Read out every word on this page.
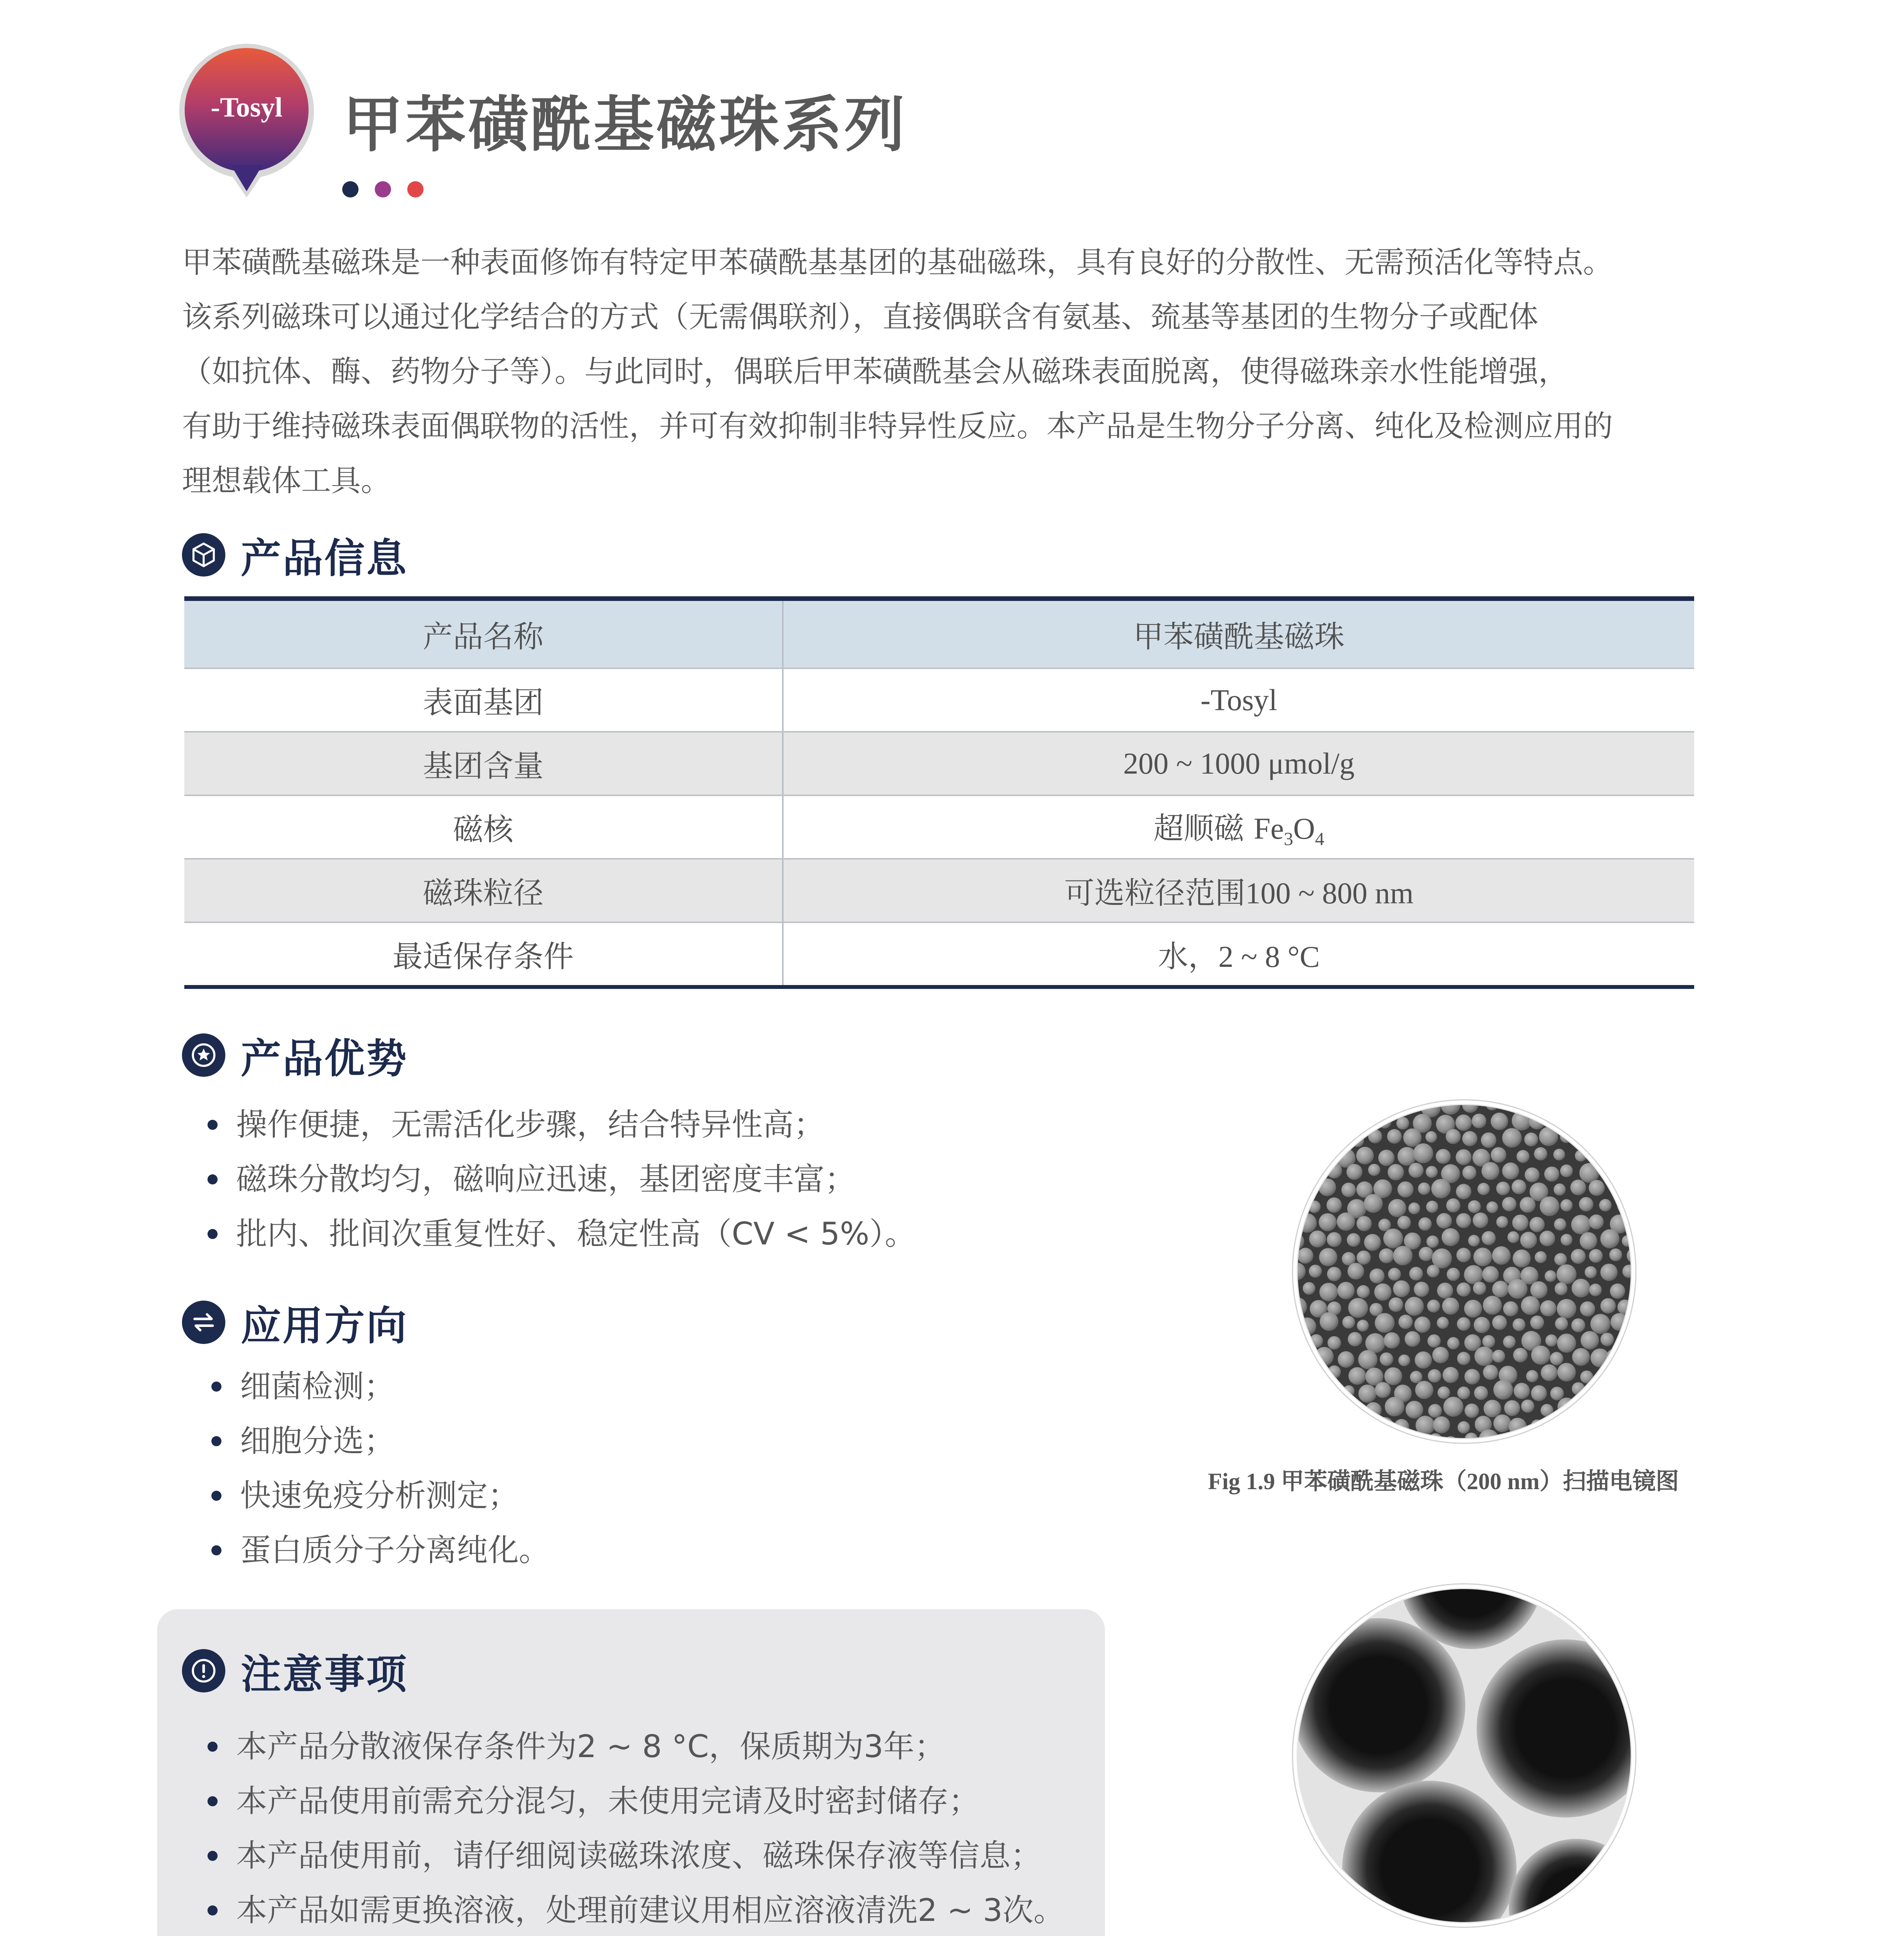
-Tosyl 甲苯磺酰基磁珠系列
甲苯磺酰基磁珠是一种表面修饰有特定甲苯磺酰基基团的基础磁珠，具有良好的分散性、无需预活化等特点。
该系列磁珠可以通过化学结合的方式（无需偶联剂），直接偶联含有氨基、巯基等基团的生物分子或配体
（如抗体、酶、药物分子等）。与此同时，偶联后甲苯磺酰基会从磁珠表面脱离，使得磁珠亲水性能增强，
有助于维持磁珠表面偶联物的活性，并可有效抑制非特异性反应。本产品是生物分子分离、纯化及检测应用的
理想载体工具。
产品信息
产品名称	甲苯磺酰基磁珠
表面基团	-Tosyl
基团含量	200 ~ 1000 μmol/g
磁核	超顺磁 $Fe_3O_4$
磁珠粒径	可选粒径范围100 ~ 800 nm
最适保存条件	水，2 ~ 8 °C
产品优势
操作便捷，无需活化步骤，结合特异性高；
磁珠分散均匀，磁响应迅速，基团密度丰富；
批内、批间次重复性好、稳定性高（CV < 5%）。
应用方向
细菌检测；
细胞分选；
快速免疫分析测定；
蛋白质分子分离纯化。
注意事项
本产品分散液保存条件为2 ~ 8 °C，保质期为3年；
本产品使用前需充分混匀，未使用完请及时密封储存；
本产品使用前，请仔细阅读磁珠浓度、磁珠保存液等信息；
本产品如需更换溶液，处理前建议用相应溶液清洗2 ~ 3次。
Fig 1.9 甲苯磺酰基磁珠（200 nm）扫描电镜图
